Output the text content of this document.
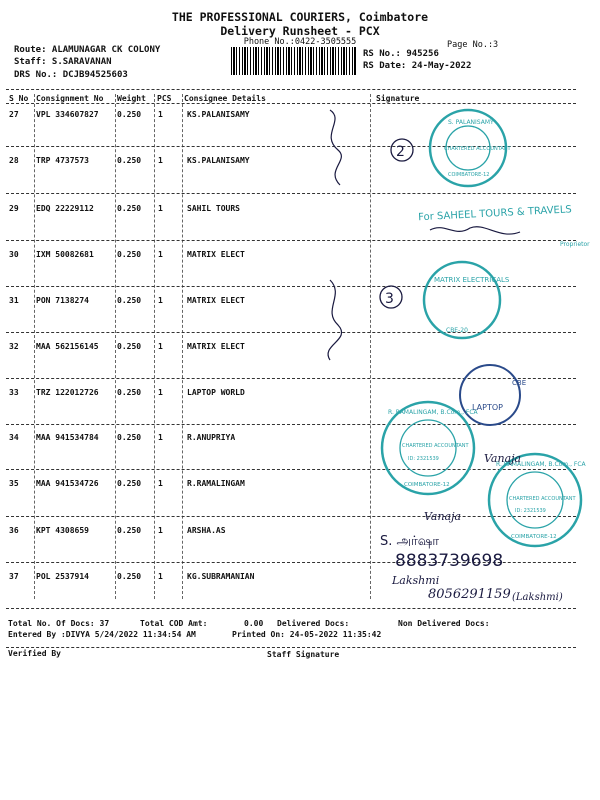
THE PROFESSIONAL COURIERS, Coimbatore
Delivery Runsheet - PCX
Phone No.:0422-3505555	Page No.:3
Route: ALAMUNAGAR CK COLONY
Staff: S.SARAVANAN
DRS No.: DCJB94525603
RS No.: 945256
RS Date: 24-May-2022
S No Consignment No Weight PCS Consignee Details	Signature
27 VPL 334607827 0.250 1	KS.PALANISAMY
28 TRP 4737573	0.250 1	KS.PALANISAMY
29 EDQ 22229112	0.250 1	SAHIL TOURS
30 IXM 50082681	0.250 1	MATRIX ELECT
31 PON 7138274	0.250 1	MATRIX ELECT
32 MAA 562156145 0.250 1	MATRIX ELECT
33 TRZ 122012726 0.250 1	LAPTOP WORLD
34 MAA 941534784 0.250 1	R.ANUPRIYA
35 MAA 941534726 0.250 1	R.RAMALINGAM
36 KPT 4308659	0.250 1	ARSHA.AS
37 POL 2537914	0.250 1	KG.SUBRAMANIAN
2
3
S. PALANISAMY
CHARTERED ACCOUNTANT
COIMBATORE-12
For SAHEEL TOURS & TRAVELS
Proprietor
MATRIX ELECTRICALS
CBE-20
LAPTOP
CBE
R. RAMALINGAM, B.Com., FCA
CHARTERED ACCOUNTANT
ID: 2321539
COIMBATORE-12
R. RAMALINGAM, B.Com., FCA
CHARTERED ACCOUNTANT
ID: 2321539
COIMBATORE-12
Vanaja
Vanaja
S. அர்ஷா
8883739698
Lakshmi
8056291159 (Lakshmi)
Total No. Of Docs: 37	Total COD Amt:	0.00 Delivered Docs:	Non Delivered Docs:
Entered By :DIVYA 5/24/2022 11:34:54 AM	Printed On: 24-05-2022 11:35:42
Verified By	Staff Signature
